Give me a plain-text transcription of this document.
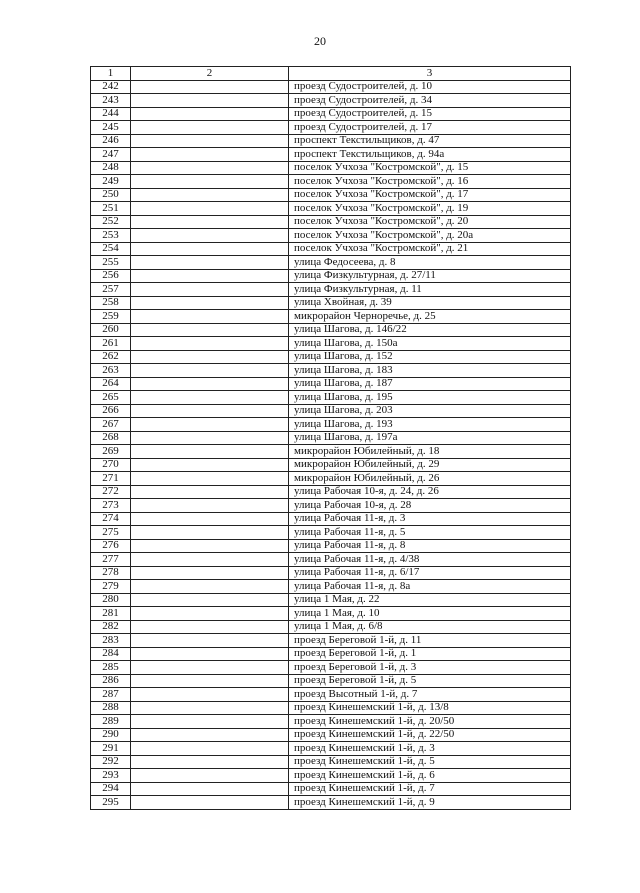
20
1	2	3
242		проезд Судостроителей, д. 10
243		проезд Судостроителей, д. 34
244		проезд Судостроителей, д. 15
245		проезд Судостроителей, д. 17
246		проспект Текстильщиков, д. 47
247		проспект Текстильщиков, д. 94а
248		поселок Учхоза "Костромской", д. 15
249		поселок Учхоза "Костромской", д. 16
250		поселок Учхоза "Костромской", д. 17
251		поселок Учхоза "Костромской", д. 19
252		поселок Учхоза "Костромской", д. 20
253		поселок Учхоза "Костромской", д. 20а
254		поселок Учхоза "Костромской", д. 21
255		улица Федосеева, д. 8
256		улица Физкультурная, д. 27/11
257		улица Физкультурная, д. 11
258		улица Хвойная, д. 39
259		микрорайон Черноречье, д. 25
260		улица Шагова, д. 146/22
261		улица Шагова, д. 150а
262		улица Шагова, д. 152
263		улица Шагова, д. 183
264		улица Шагова, д. 187
265		улица Шагова, д. 195
266		улица Шагова, д. 203
267		улица Шагова, д. 193
268		улица Шагова, д. 197а
269		микрорайон Юбилейный, д. 18
270		микрорайон Юбилейный, д. 29
271		микрорайон Юбилейный, д. 26
272		улица Рабочая 10-я, д. 24, д. 26
273		улица Рабочая 10-я, д. 28
274		улица Рабочая 11-я, д. 3
275		улица Рабочая 11-я, д. 5
276		улица Рабочая 11-я, д. 8
277		улица Рабочая 11-я, д. 4/38
278		улица Рабочая 11-я, д. 6/17
279		улица Рабочая 11-я, д. 8а
280		улица 1 Мая, д. 22
281		улица 1 Мая, д. 10
282		улица 1 Мая, д. 6/8
283		проезд Береговой 1-й, д. 11
284		проезд Береговой 1-й, д. 1
285		проезд Береговой 1-й, д. 3
286		проезд Береговой 1-й, д. 5
287		проезд Высотный 1-й, д. 7
288		проезд Кинешемский 1-й, д. 13/8
289		проезд Кинешемский 1-й, д. 20/50
290		проезд Кинешемский 1-й, д. 22/50
291		проезд Кинешемский 1-й, д. 3
292		проезд Кинешемский 1-й, д. 5
293		проезд Кинешемский 1-й, д. 6
294		проезд Кинешемский 1-й, д. 7
295		проезд Кинешемский 1-й, д. 9
